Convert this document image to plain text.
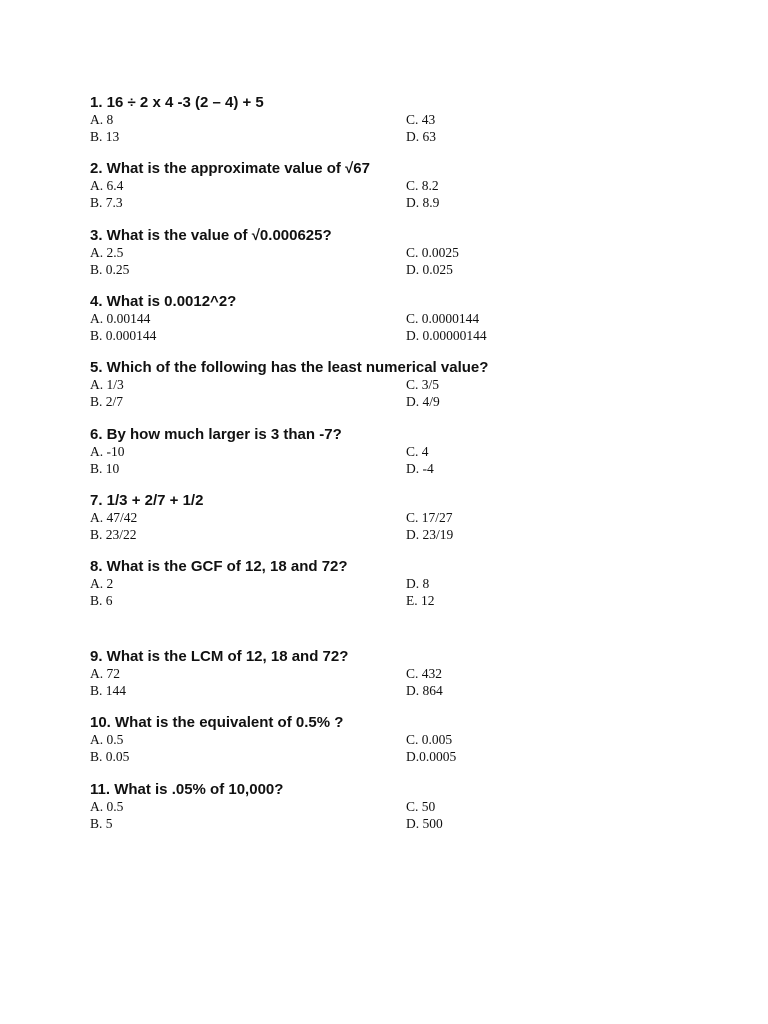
1. 16 ÷ 2 x 4 -3 (2 – 4) + 5
A. 8	C. 43
B. 13	D. 63
2. What is the approximate value of √67
A. 6.4	C. 8.2
B. 7.3	D. 8.9
3. What is the value of √0.000625?
A. 2.5	C. 0.0025
B. 0.25	D. 0.025
4. What is 0.0012^2?
A. 0.00144	C. 0.0000144
B. 0.000144	D. 0.00000144
5. Which of the following has the least numerical value?
A. 1/3	C. 3/5
B. 2/7	D. 4/9
6. By how much larger is 3 than -7?
A. -10	C. 4
B. 10	D. -4
7. 1/3 + 2/7 + 1/2
A. 47/42	C. 17/27
B. 23/22	D. 23/19
8. What is the GCF of 12, 18 and 72?
A. 2	D. 8
B. 6	E. 12
9. What is the LCM of 12, 18 and 72?
A. 72	C. 432
B. 144	D. 864
10. What is the equivalent of 0.5% ?
A. 0.5	C. 0.005
B. 0.05	D.0.0005
11. What is .05% of 10,000?
A. 0.5	C. 50
B. 5	D. 500
